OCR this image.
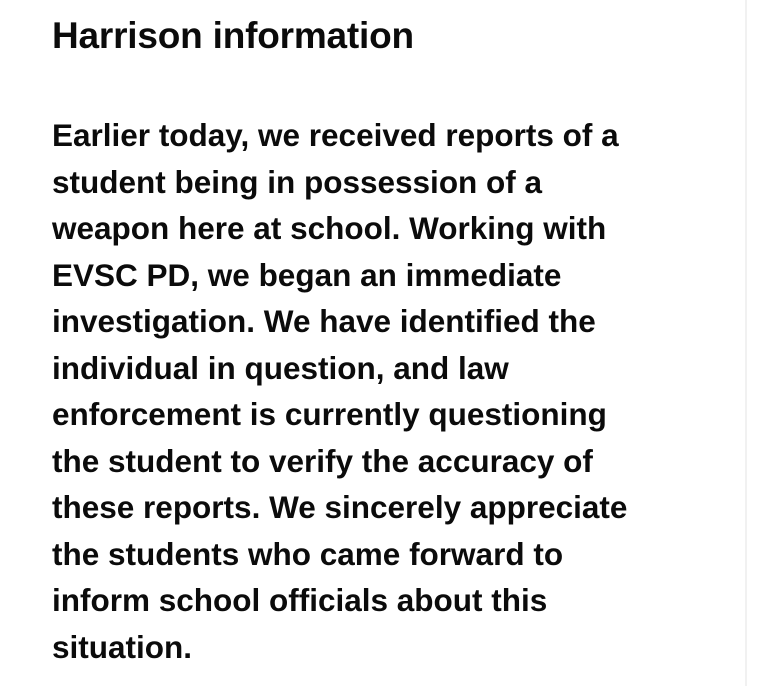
Harrison information

Earlier today, we received reports of a
student being in possession of a
weapon here at school. Working with
EVSC PD, we began an immediate
investigation. We have identified the
individual in question, and law
enforcement is currently questioning
the student to verify the accuracy of
these reports. We sincerely appreciate
the students who came forward to
inform school officials about this
situation.
